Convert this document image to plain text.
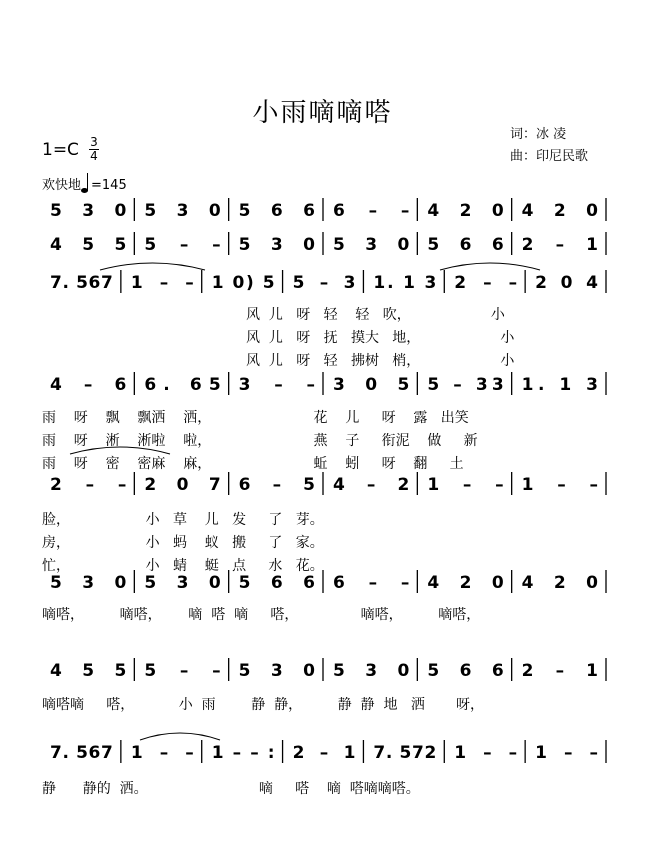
小雨嘀嘀嗒
词：冰 凌
曲：印尼民歌
1=C 3
4
欢快地 =145
5 3 0 5 3 0 5 6 6 6 – – 4 2 0 4 2 0
4 5 5 5 – – 5 3 0 5 3 0 5 6 6 2 – 1
7. 567 1 – – 1 0) 5 5 – 3 1. 1 3 2 – – 2 0 4
4 – 6 6. 65 3 – – 3 0 5 5 – 33 1. 1 3
2 – – 2 0 7 6 – 5 4 – 2 1 – – 1 – –
5 3 0 5 3 0 5 6 6 6 – – 4 2 0 4 2 0
4 5 5 5 – – 5 3 0 5 3 0 5 6 6 2 – 1
7. 567 1 – – 1 – – : 2 – 1 7. 572 1 – – 1 – –
风  儿   呀   轻    轻   吹，                  小
风  儿   呀   抚   摸大   地，                  小
风  儿   呀   轻   拂树   梢，                  小
雨    呀    飘    飘洒    洒，                       花    儿     呀    露   出笑
雨    呀    淅    淅啦    啦，                       燕    子     衔泥    做     新
雨    呀    密    密麻    麻，                       蚯    蚓     呀    翻     土
脸，                 小   草    儿   发     了   芽。
房，                 小   蚂    蚁   搬     了   家。
忙，                 小   蜻    蜓   点     水   花。
嘀嗒，        嘀嗒，      嘀  嗒  嘀     嗒，              嘀嗒，        嘀嗒，
嘀嗒嘀     嗒，          小  雨        静  静，        静  静  地   洒       呀，
静      静的  洒。                         嘀     嗒    嘀  嗒嘀嘀嗒。
